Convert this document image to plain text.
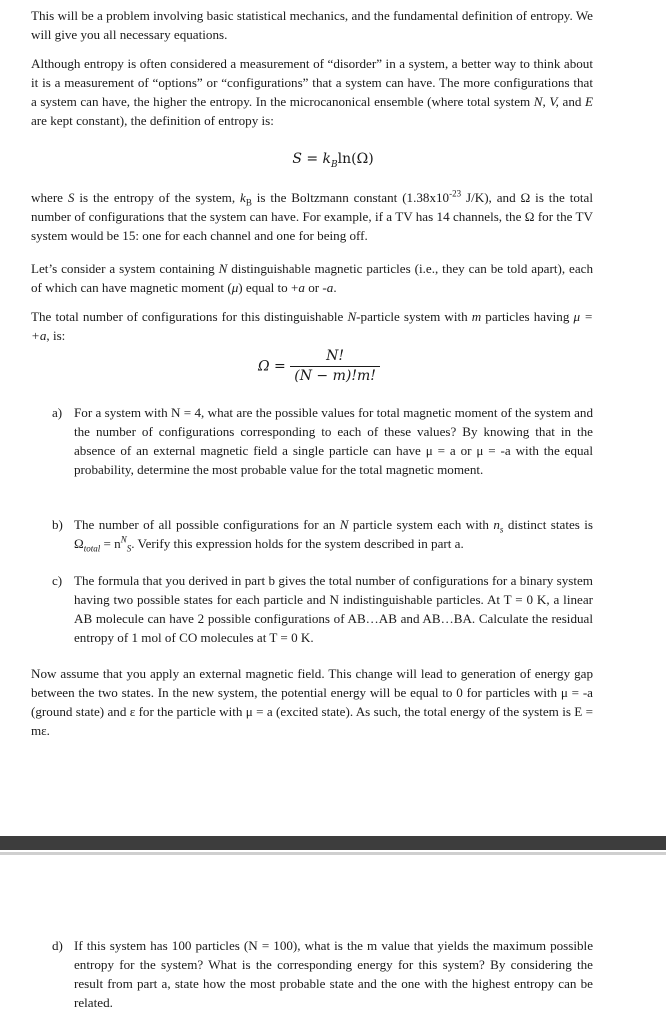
This will be a problem involving basic statistical mechanics, and the fundamental definition of entropy. We will give you all necessary equations.

Although entropy is often considered a measurement of “disorder” in a system, a better way to think about it is a measurement of “options” or “configurations” that a system can have. The more configurations that a system can have, the higher the entropy. In the microcanonical ensemble (where total system N, V, and E are kept constant), the definition of entropy is:

$S = k_B\ln(\Omega)$

where S is the entropy of the system, $k_B$ is the Boltzmann constant ($1.38x10^{-23}$ J/K), and Ω is the total number of configurations that the system can have. For example, if a TV has 14 channels, the Ω for the TV system would be 15: one for each channel and one for being off.

Let’s consider a system containing N distinguishable magnetic particles (i.e., they can be told apart), each of which can have magnetic moment (μ) equal to +a or -a.

The total number of configurations for this distinguishable N-particle system with m particles having μ = +a, is:

$\Omega = \frac{N!}{(N - m)!m!}$
a) For a system with N = 4, what are the possible values for total magnetic moment of the system and the number of configurations corresponding to each of these values? By knowing that in the absence of an external magnetic field a single particle can have μ = a or μ = -a with the equal probability, determine the most probable value for the total magnetic moment.
b) The number of all possible configurations for an N particle system each with $n_s$ distinct states is $\Omega_{total} = n^N_S$. Verify this expression holds for the system described in part a.
c) The formula that you derived in part b gives the total number of configurations for a binary system having two possible states for each particle and N indistinguishable particles. At T = 0 K, a linear AB molecule can have 2 possible configurations of AB…AB and AB…BA. Calculate the residual entropy of 1 mol of CO molecules at T = 0 K.

Now assume that you apply an external magnetic field. This change will lead to generation of energy gap between the two states. In the new system, the potential energy will be equal to 0 for particles with μ = -a (ground state) and ε for the particle with μ = a (excited state). As such, the total energy of the system is E = mε.

d) If this system has 100 particles (N = 100), what is the m value that yields the maximum possible entropy for the system? What is the corresponding energy for this system? By considering the result from part a, state how the most probable state and the one with the highest entropy can be related.
